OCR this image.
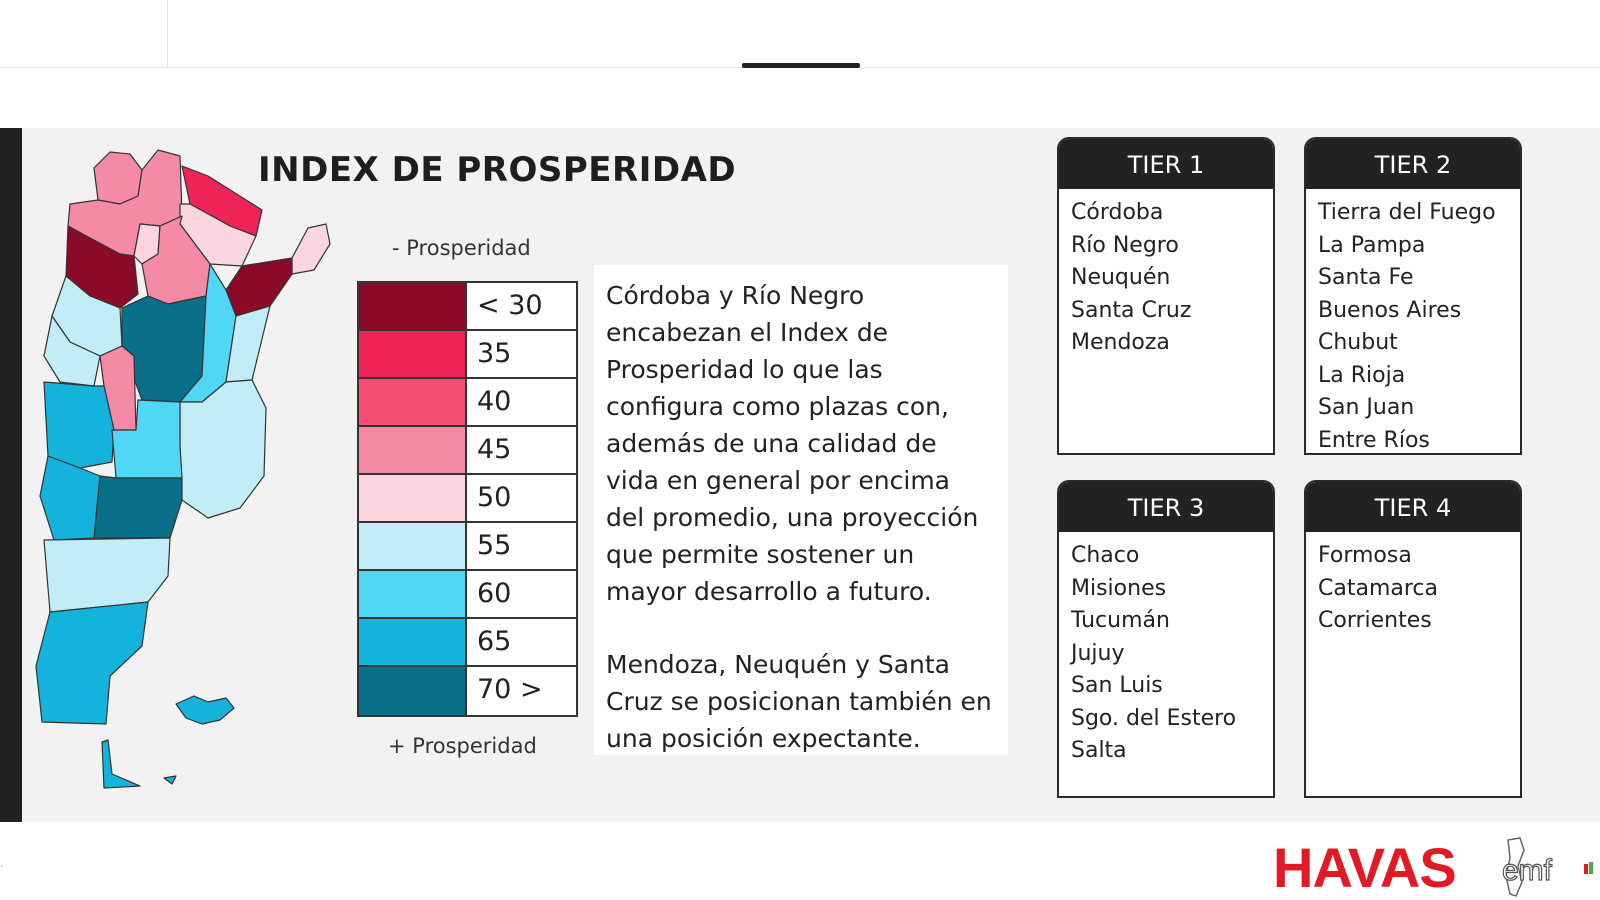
INDEX DE PROSPERIDAD
- Prosperidad
< 30
35
40
45
50
55
60
65
70 >
+ Prosperidad

Córdoba y Río Negro encabezan el Index de Prosperidad lo que las configura como plazas con, además de una calidad de vida en general por encima del promedio, una proyección que permite sostener un mayor desarrollo a futuro.

Mendoza, Neuquén y Santa Cruz se posicionan también en una posición expectante.

TIER 1
Córdoba
Río Negro
Neuquén
Santa Cruz
Mendoza
TIER 2
Tierra del Fuego
La Pampa
Santa Fe
Buenos Aires
Chubut
La Rioja
San Juan
Entre Ríos
TIER 3
Chaco
Misiones
Tucumán
Jujuy
San Luis
Sgo. del Estero
Salta
TIER 4
Formosa
Catamarca
Corrientes
·	HAVAS emf
